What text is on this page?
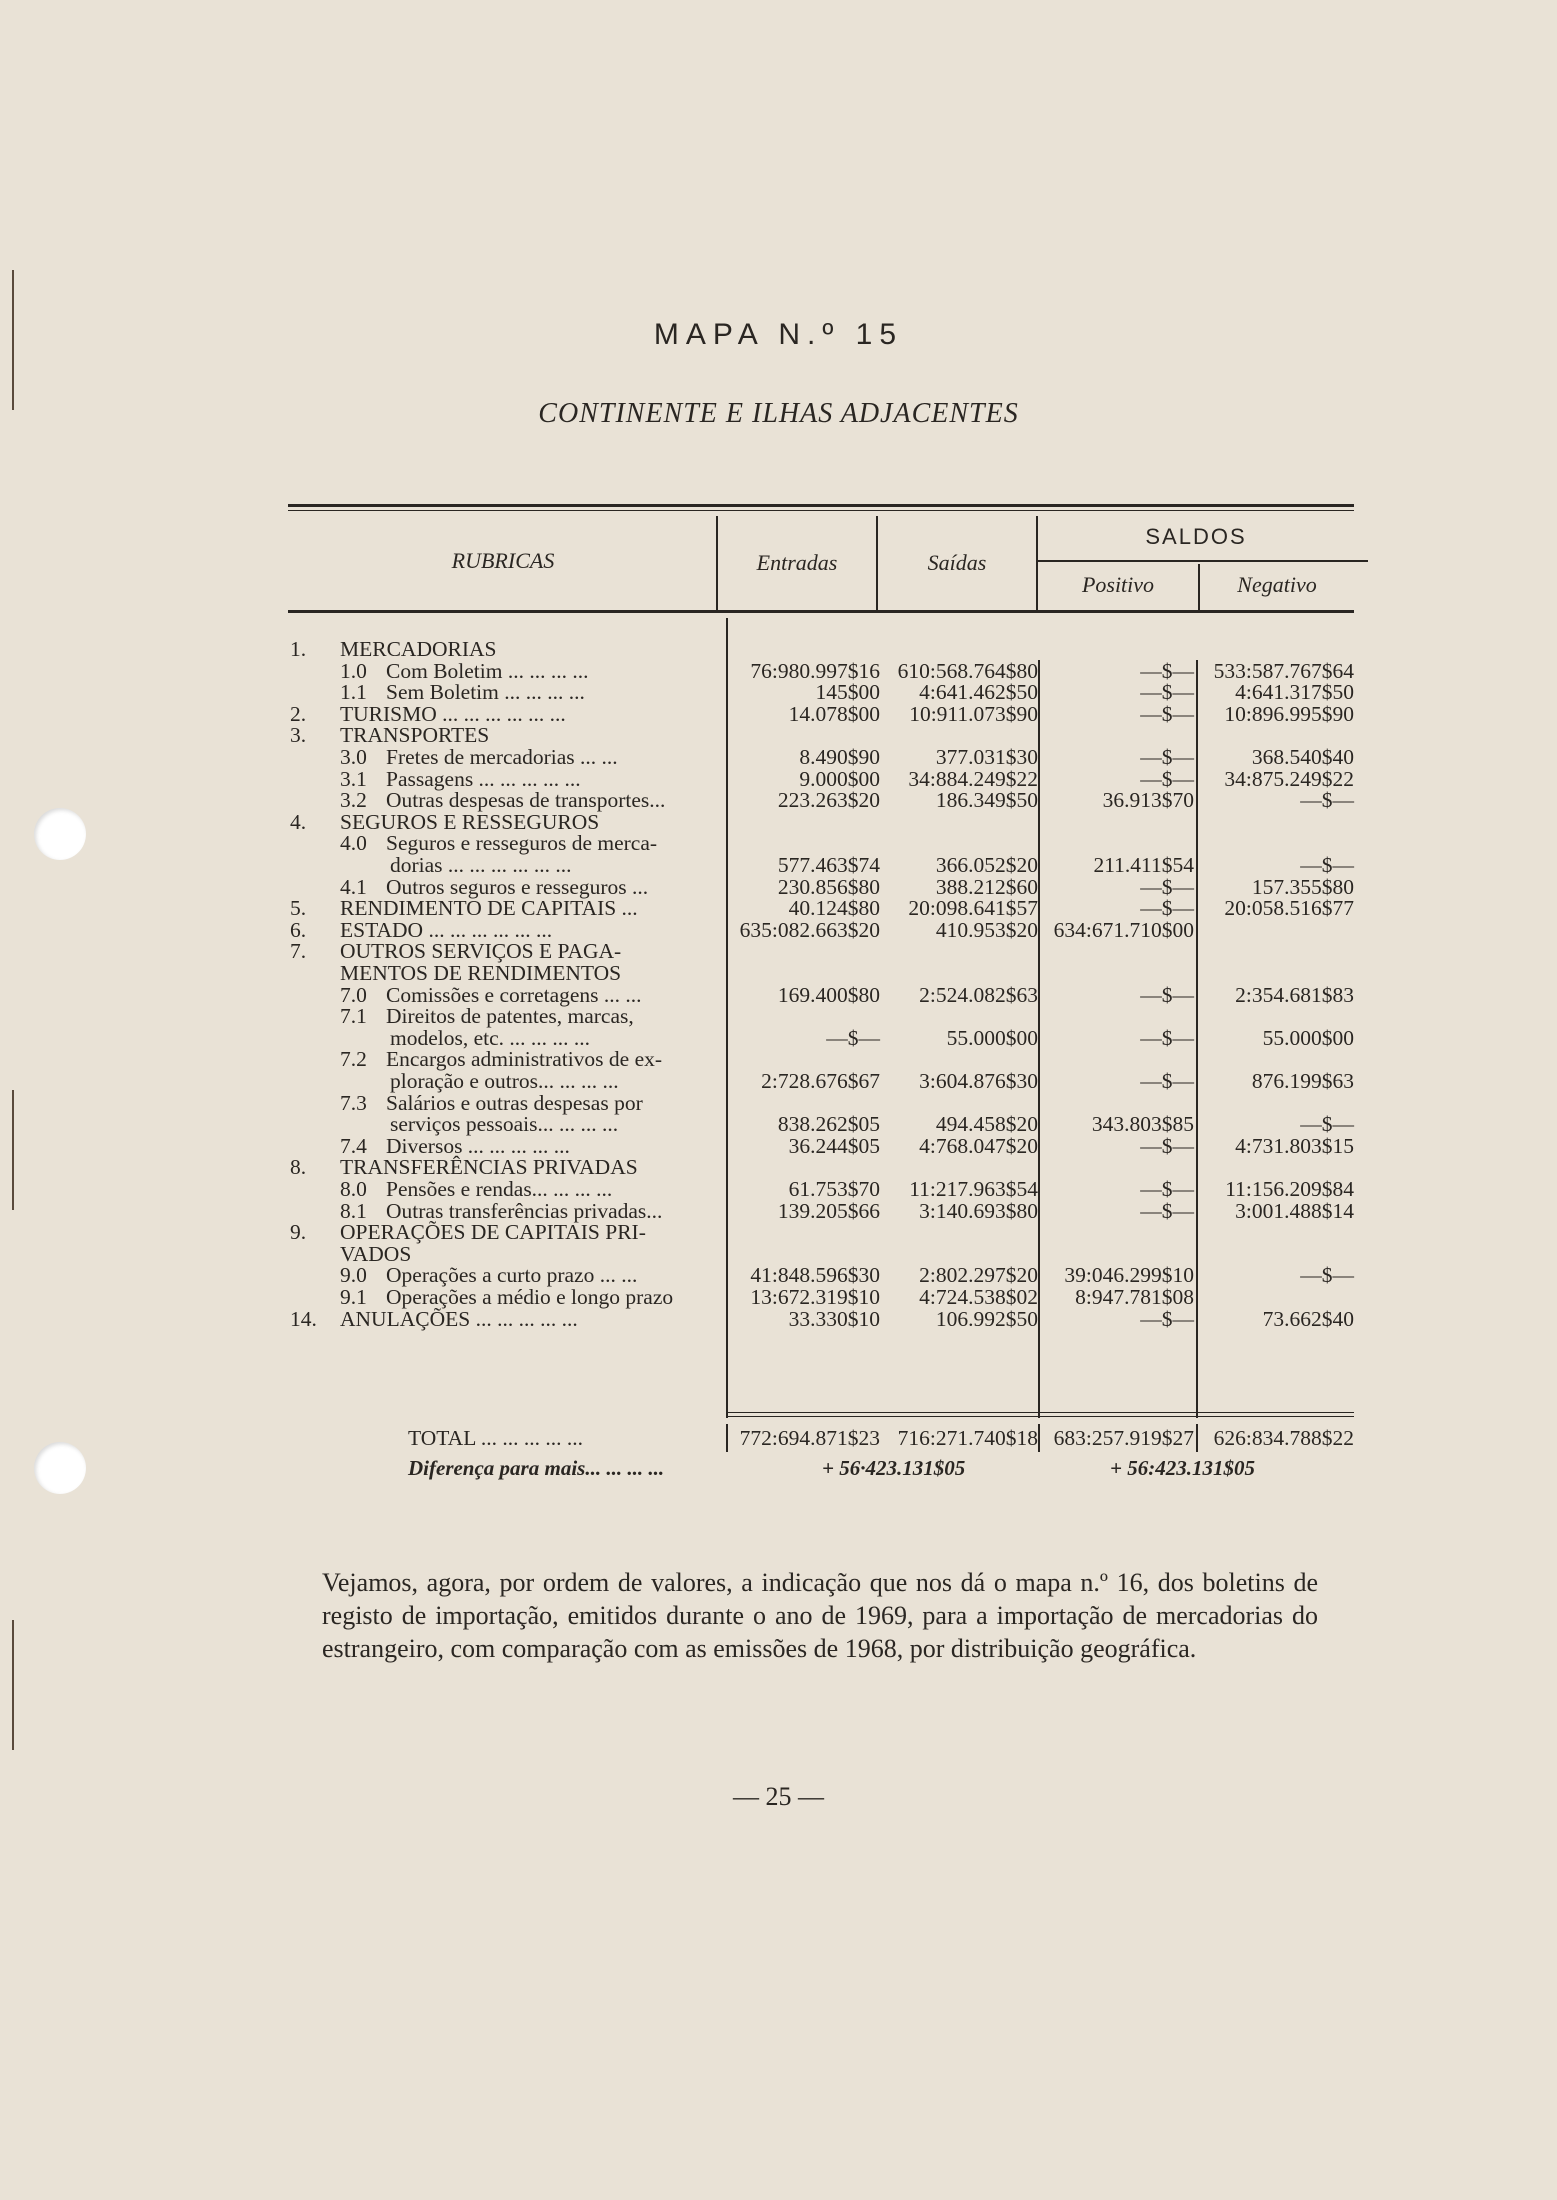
MAPA N.º 15
CONTINENTE E ILHAS ADJACENTES
RUBRICAS	Entradas	Saídas
SALDOS
Positivo	Negativo
1.	MERCADORIAS
1.0 Com Boletim ... ... ... ...	76:980.997$16 610:568.764$80	—$— 533:587.767$64
1.1 Sem Boletim ... ... ... ...	145$00	4:641.462$50	—$—	4:641.317$50
2.	TURISMO ... ... ... ... ... ...	14.078$00	10:911.073$90	—$—	10:896.995$90
3.	TRANSPORTES
3.0 Fretes de mercadorias ... ...	8.490$90	377.031$30	—$—	368.540$40
3.1 Passagens ... ... ... ... ...	9.000$00	34:884.249$22	—$—	34:875.249$22
3.2 Outras despesas de transportes...	223.263$20	186.349$50	36.913$70	—$—
4.	SEGUROS E RESSEGUROS
4.0 Seguros e resseguros de merca-
dorias ... ... ... ... ... ...	577.463$74	366.052$20	211.411$54	—$—
4.1 Outros seguros e resseguros ...	230.856$80	388.212$60	—$—	157.355$80
5.	RENDIMENTO DE CAPITAIS ...	40.124$80	20:098.641$57	—$—	20:058.516$77
6.	ESTADO ... ... ... ... ... ...	635:082.663$20	410.953$20 634:671.710$00
7.	OUTROS SERVIÇOS E PAGA-
MENTOS DE RENDIMENTOS
7.0 Comissões e corretagens ... ...	169.400$80	2:524.082$63	—$—	2:354.681$83
7.1 Direitos de patentes, marcas,
modelos, etc. ... ... ... ...	—$—	55.000$00	—$—	55.000$00
7.2 Encargos administrativos de ex-
ploração e outros... ... ... ...	2:728.676$67	3:604.876$30	—$—	876.199$63
7.3 Salários e outras despesas por
serviços pessoais... ... ... ...	838.262$05	494.458$20	343.803$85	—$—
7.4 Diversos ... ... ... ... ...	36.244$05	4:768.047$20	—$—	4:731.803$15
8.	TRANSFERÊNCIAS PRIVADAS
8.0 Pensões e rendas... ... ... ...	61.753$70	11:217.963$54	—$—	11:156.209$84
8.1 Outras transferências privadas...	139.205$66	3:140.693$80	—$—	3:001.488$14
9.	OPERAÇÕES DE CAPITAIS PRI-
VADOS
9.0 Operações a curto prazo ... ...	41:848.596$30	2:802.297$20	39:046.299$10	—$—
9.1 Operações a médio e longo prazo	13:672.319$10	4:724.538$02	8:947.781$08
14.	ANULAÇÕES ... ... ... ... ...	33.330$10	106.992$50	—$—	73.662$40
TOTAL ... ... ... ... ...	772:694.871$23 716:271.740$18 683:257.919$27 626:834.788$22
Diferença para mais... ... ... ...	+ 56·423.131$05	+ 56:423.131$05
Vejamos, agora, por ordem de valores, a indicação que nos dá o mapa n.º 16, dos boletins de registo de importação, emitidos durante o ano de 1969, para a importação de mercadorias do estrangeiro, com comparação com as emissões de 1968, por distribuição geográfica.
— 25 —
